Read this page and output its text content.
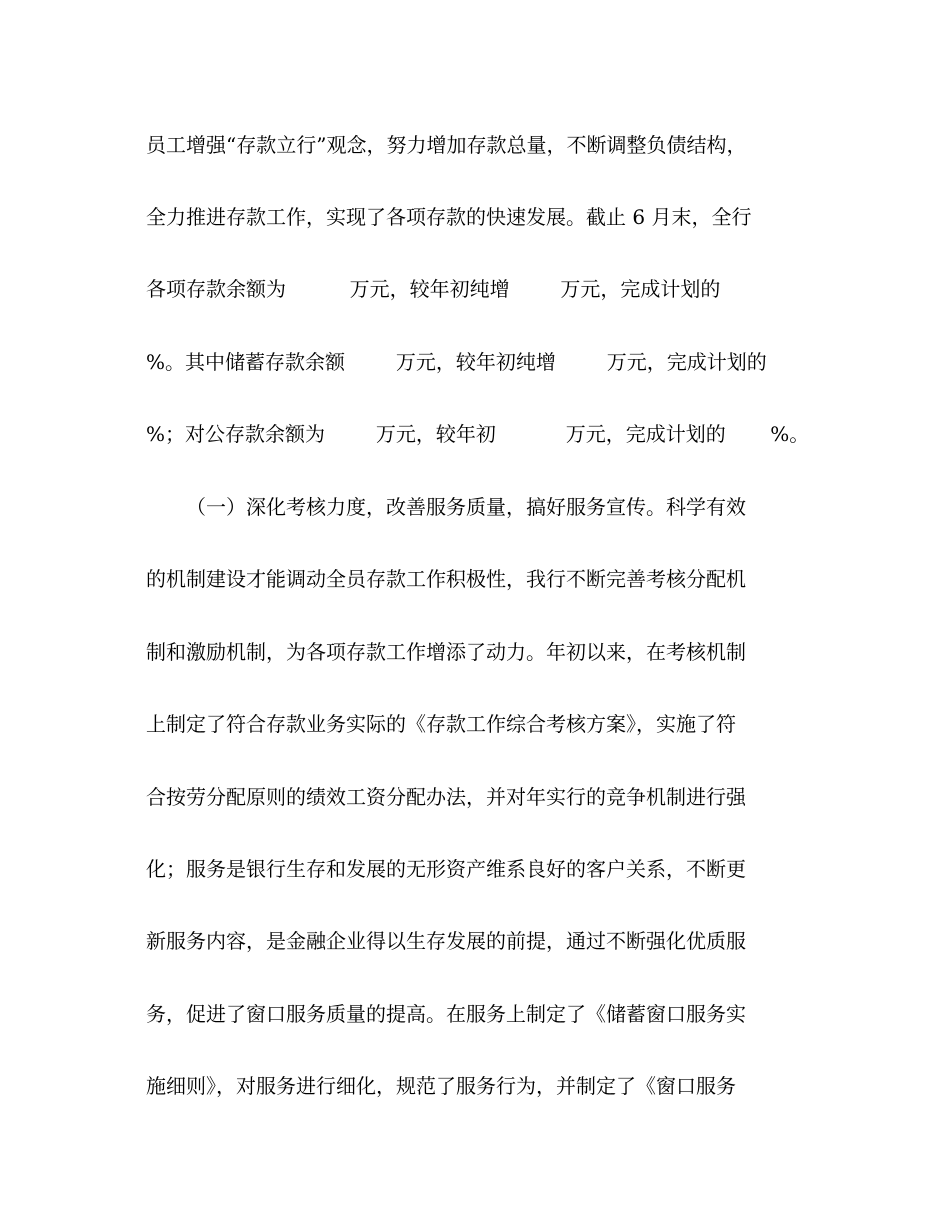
员工增强“存款立行”观念，努力增加存款总量，不断调整负债结构，
全力推进存款工作，实现了各项存款的快速发展。截止 6 月末，全行
各项存款余额为          万元，较年初纯增        万元，完成计划的
%。其中储蓄存款余额        万元，较年初纯增        万元，完成计划的
%；对公存款余额为        万元，较年初           万元，完成计划的       %。
（一）深化考核力度，改善服务质量，搞好服务宣传。科学有效
的机制建设才能调动全员存款工作积极性，我行不断完善考核分配机
制和激励机制，为各项存款工作增添了动力。年初以来，在考核机制
上制定了符合存款业务实际的《存款工作综合考核方案》，实施了符
合按劳分配原则的绩效工资分配办法，并对年实行的竞争机制进行强
化；服务是银行生存和发展的无形资产维系良好的客户关系，不断更
新服务内容，是金融企业得以生存发展的前提，通过不断强化优质服
务，促进了窗口服务质量的提高。在服务上制定了《储蓄窗口服务实
施细则》，对服务进行细化，规范了服务行为，并制定了《窗口服务
